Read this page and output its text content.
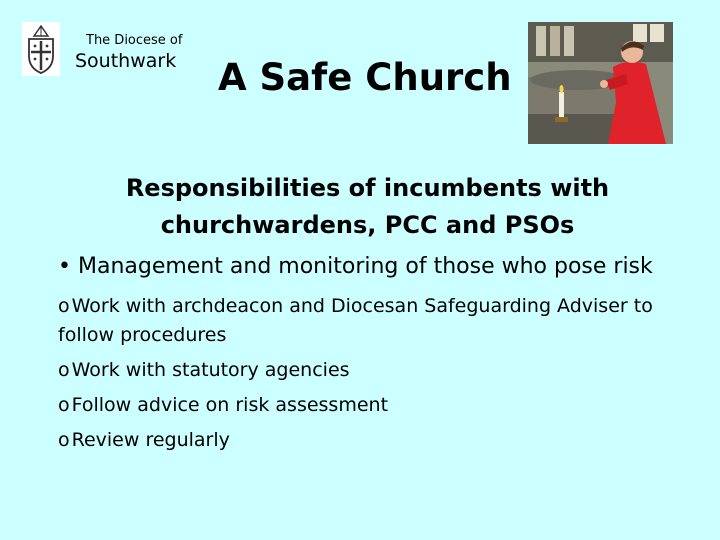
The Diocese of
Southwark A Safe Church
Responsibilities of incumbents with churchwardens, PCC and PSOs
• Management and monitoring of those who pose risk
o Work with archdeacon and Diocesan Safeguarding Adviser to follow procedures
o Work with statutory agencies
o Follow advice on risk assessment
o Review regularly
